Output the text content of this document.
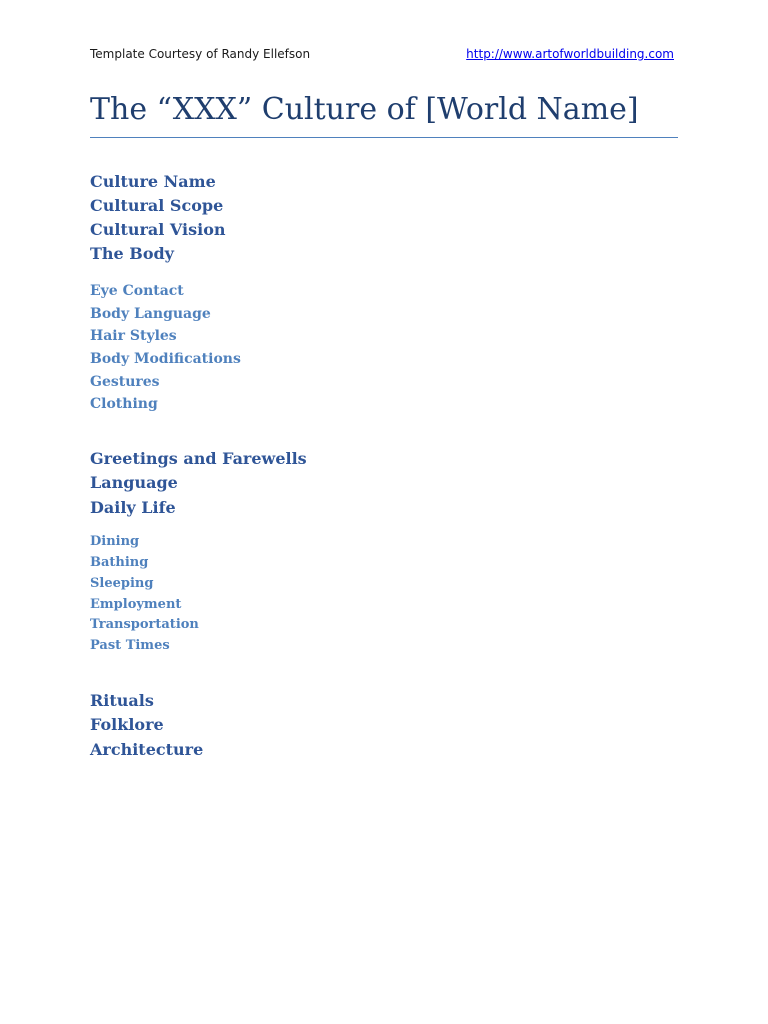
Template Courtesy of Randy Ellefson	http://www.artofworldbuilding.com
The “XXX” Culture of [World Name]
Culture Name
Cultural Scope
Cultural Vision
The Body
Eye Contact
Body Language
Hair Styles
Body Modifications
Gestures
Clothing
Greetings and Farewells
Language
Daily Life
Dining
Bathing
Sleeping
Employment
Transportation
Past Times
Rituals
Folklore
Architecture
